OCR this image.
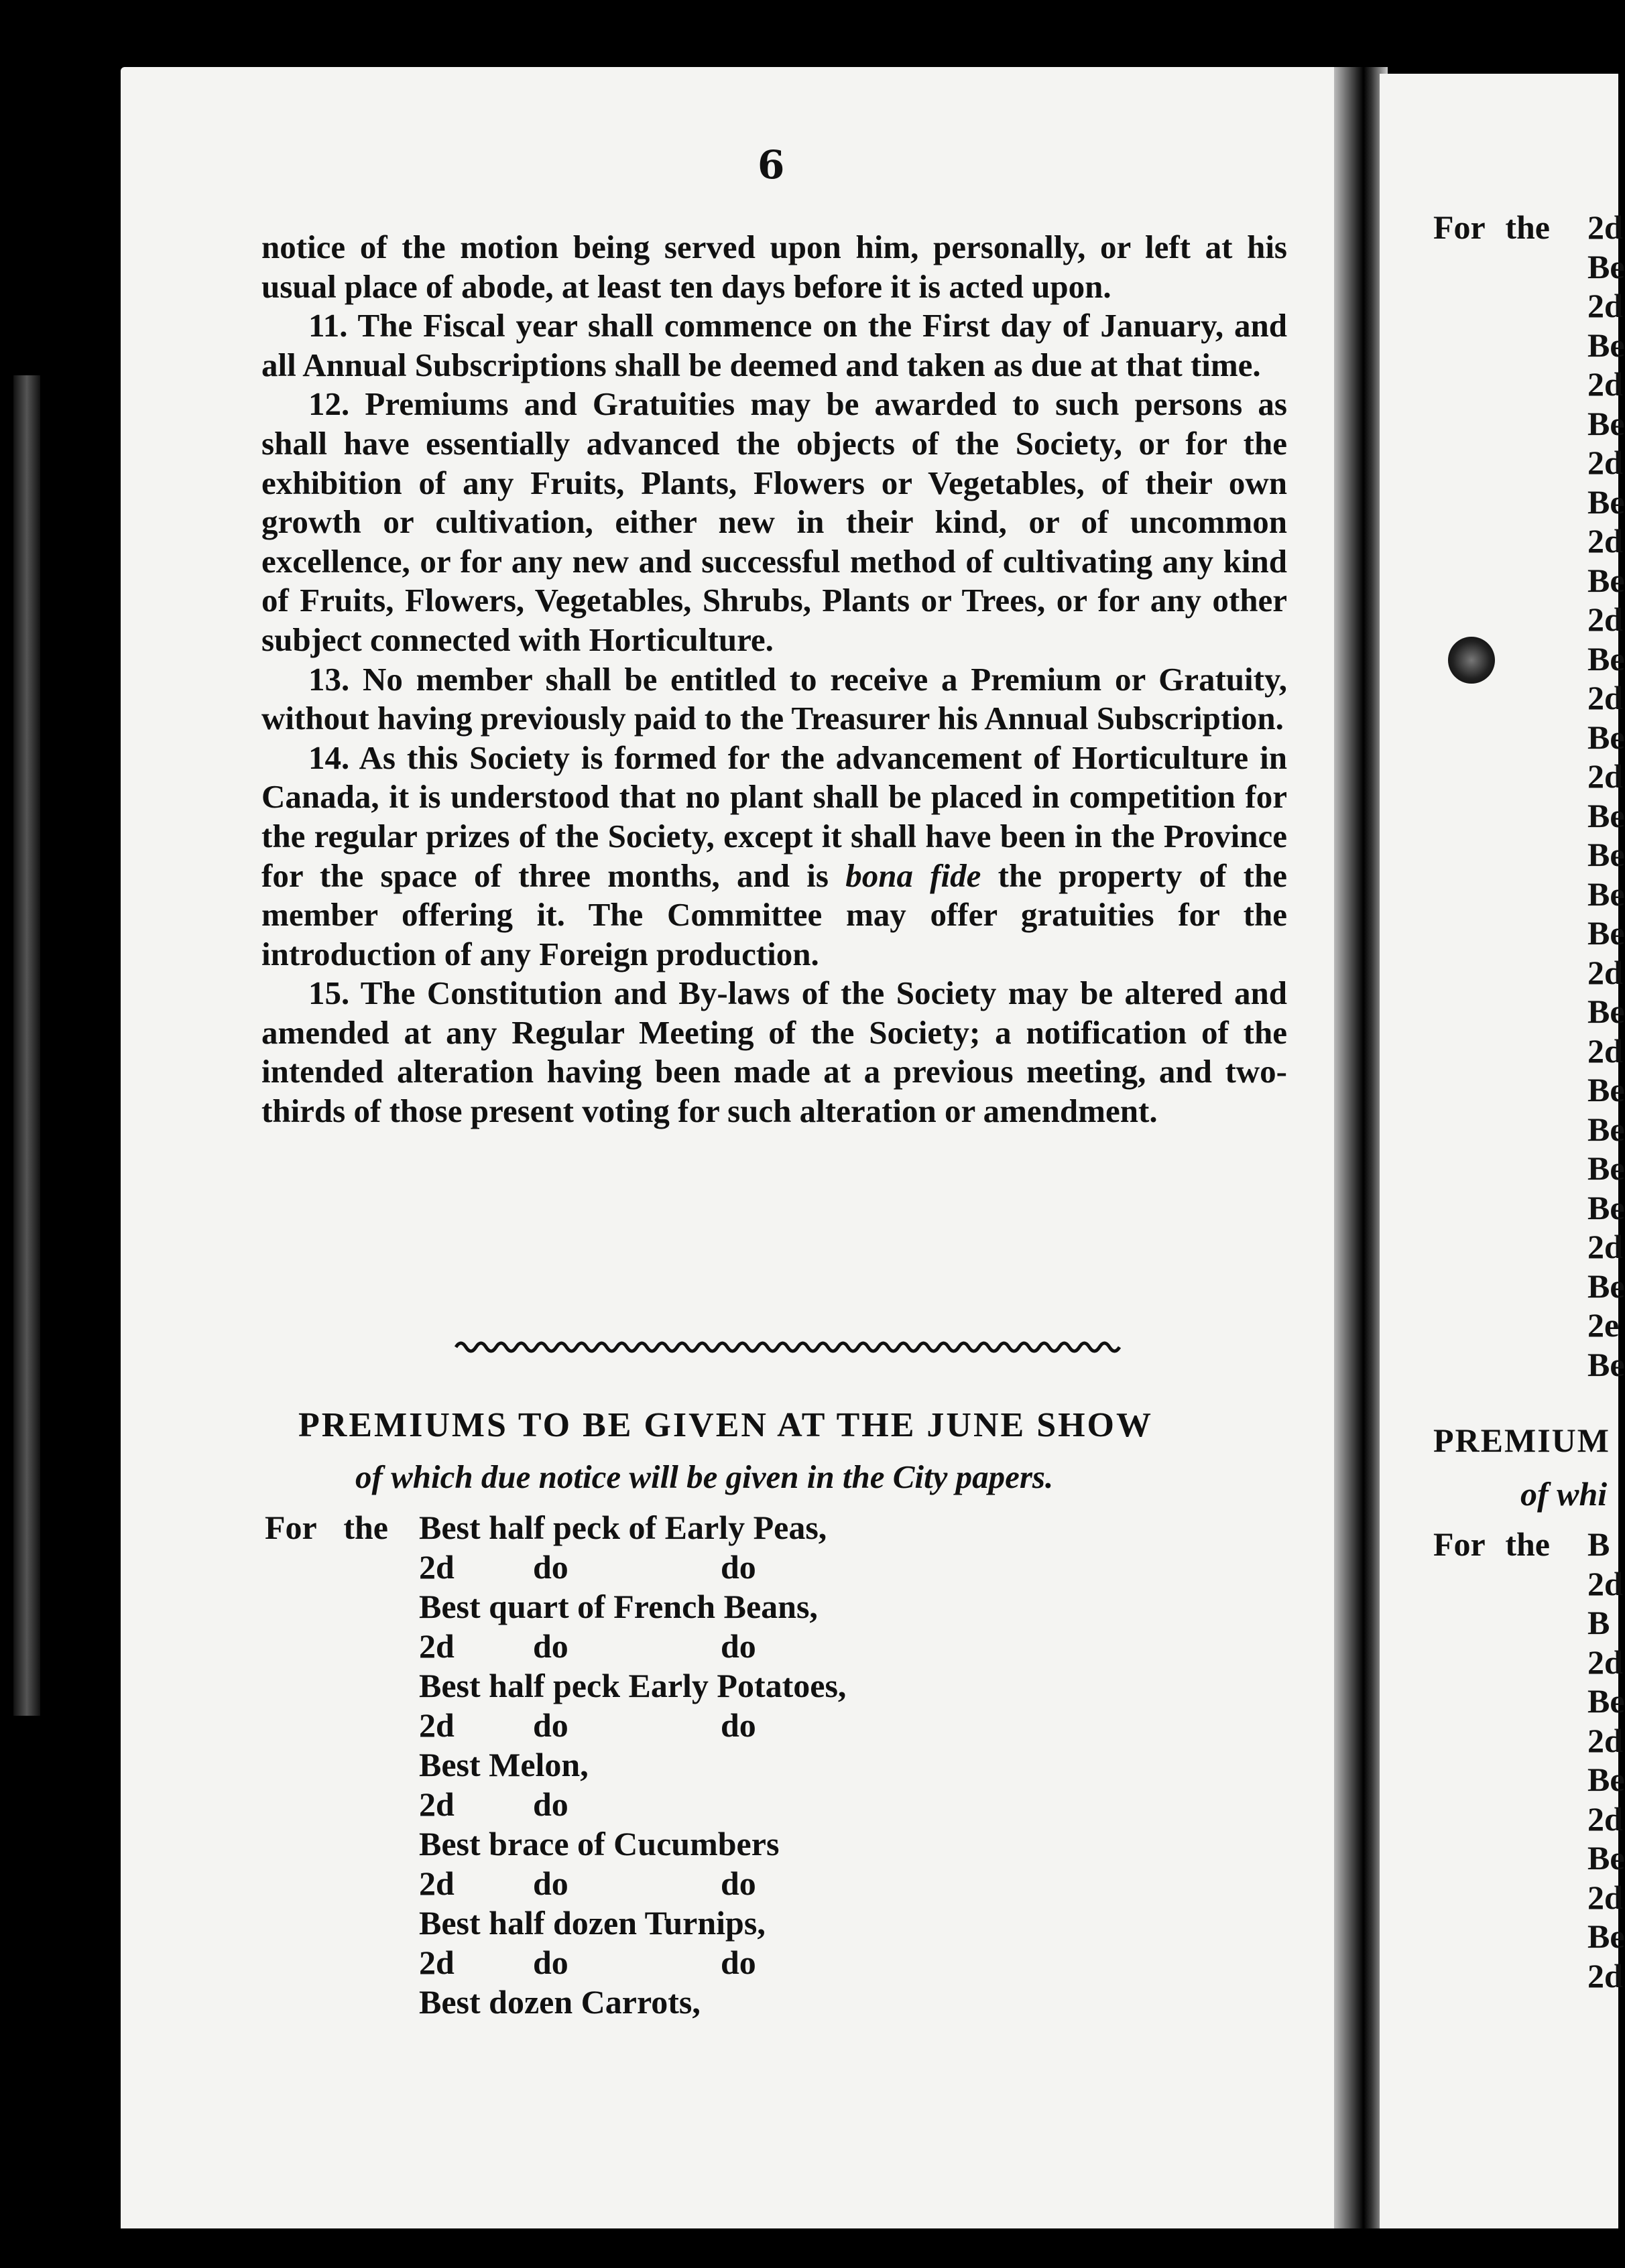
6

notice of the motion being served upon him, personally, or left at his usual place of abode, at least ten days before it is acted upon.

11. The Fiscal year shall commence on the First day of January, and all Annual Subscriptions shall be deemed and taken as due at that time.

12. Premiums and Gratuities may be awarded to such persons as shall have essentially advanced the objects of the Society, or for the exhibition of any Fruits, Plants, Flowers or Vegetables, of their own growth or cultivation, either new in their kind, or of uncommon excellence, or for any new and successful method of cultivating any kind of Fruits, Flowers, Vegetables, Shrubs, Plants or Trees, or for any other subject connected with Horticulture.

13. No member shall be entitled to receive a Premium or Gratuity, without having previously paid to the Treasurer his Annual Subscription.

14. As this Society is formed for the advancement of Horticulture in Canada, it is understood that no plant shall be placed in competition for the regular prizes of the Society, except it shall have been in the Province for the space of three months, and is bona fide the property of the member offering it. The Committee may offer gratuities for the introduction of any Foreign production.

15. The Constitution and By-laws of the Society may be altered and amended at any Regular Meeting of the Society; a notification of the intended alteration having been made at a previous meeting, and two-thirds of those present voting for such alteration or amendment.

PREMIUMS TO BE GIVEN AT THE JUNE SHOW
of which due notice will be given in the City papers.
For the Best half peck of Early Peas,
2d	do	do
Best quart of French Beans,
2d	do	do
Best half peck Early Potatoes,
2d	do	do
Best Melon,
2d	do
Best brace of Cucumbers
2d	do	do
Best half dozen Turnips,
2d	do	do
Best dozen Carrots,
For the 2d
Be
2d
Be
2d
Be
2d
Be
2d
Be
2d
Be
2d
Be
2d
Be
Be
Be
Be
2d
Be
2d
Be
Be
Be
Be
2d
Be
2e
Be
PREMIUM
of whi
For the B
2d
B
2d
Be
2d
Be
2d
Be
2d
Be
2d
